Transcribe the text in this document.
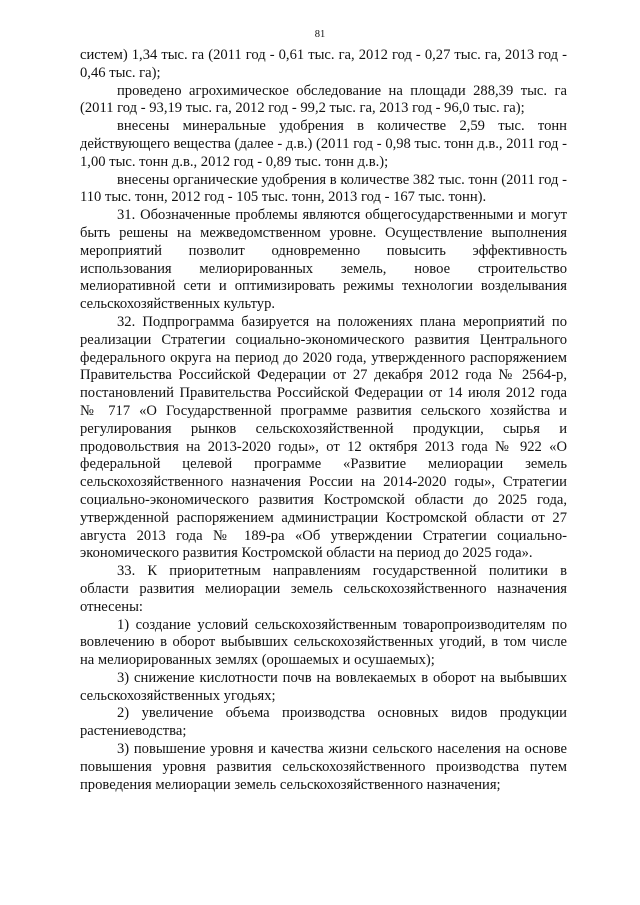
81

систем) 1,34 тыс. га (2011 год - 0,61 тыс. га, 2012 год - 0,27 тыс. га, 2013 год - 0,46 тыс. га);

проведено агрохимическое обследование на площади 288,39 тыс. га (2011 год - 93,19 тыс. га, 2012 год - 99,2 тыс. га, 2013 год - 96,0 тыс. га);

внесены минеральные удобрения в количестве 2,59 тыс. тонн действующего вещества (далее - д.в.) (2011 год - 0,98 тыс. тонн д.в., 2011 год - 1,00 тыс. тонн д.в., 2012 год - 0,89 тыс. тонн д.в.);

внесены органические удобрения в количестве 382 тыс. тонн (2011 год - 110 тыс. тонн, 2012 год - 105 тыс. тонн, 2013 год - 167 тыс. тонн).

31. Обозначенные проблемы являются общегосударственными и могут быть решены на межведомственном уровне. Осуществление выполнения мероприятий позволит одновременно повысить эффективность использования мелиорированных земель, новое строительство мелиоративной сети и оптимизировать режимы технологии возделывания сельскохозяйственных культур.

32. Подпрограмма базируется на положениях плана мероприятий по реализации Стратегии социально-экономического развития Центрального федерального округа на период до 2020 года, утвержденного распоряжением Правительства Российской Федерации от 27 декабря 2012 года № 2564-р, постановлений Правительства Российской Федерации от 14 июля 2012 года № 717 «О Государственной программе развития сельского хозяйства и регулирования рынков сельскохозяйственной продукции, сырья и продовольствия на 2013-2020 годы», от 12 октября 2013 года № 922 «О федеральной целевой программе «Развитие мелиорации земель сельскохозяйственного назначения России на 2014-2020 годы», Стратегии социально-экономического развития Костромской области до 2025 года, утвержденной распоряжением администрации Костромской области от 27 августа 2013 года № 189-ра «Об утверждении Стратегии социально-экономического развития Костромской области на период до 2025 года».

33. К приоритетным направлениям государственной политики в области развития мелиорации земель сельскохозяйственного назначения отнесены:

1) создание условий сельскохозяйственным товаропроизводителям по вовлечению в оборот выбывших сельскохозяйственных угодий, в том числе на мелиорированных землях (орошаемых и осушаемых);

3) снижение кислотности почв на вовлекаемых в оборот на выбывших сельскохозяйственных угодьях;

2) увеличение объема производства основных видов продукции растениеводства;

3) повышение уровня и качества жизни сельского населения на основе повышения уровня развития сельскохозяйственного производства путем проведения мелиорации земель сельскохозяйственного назначения;
